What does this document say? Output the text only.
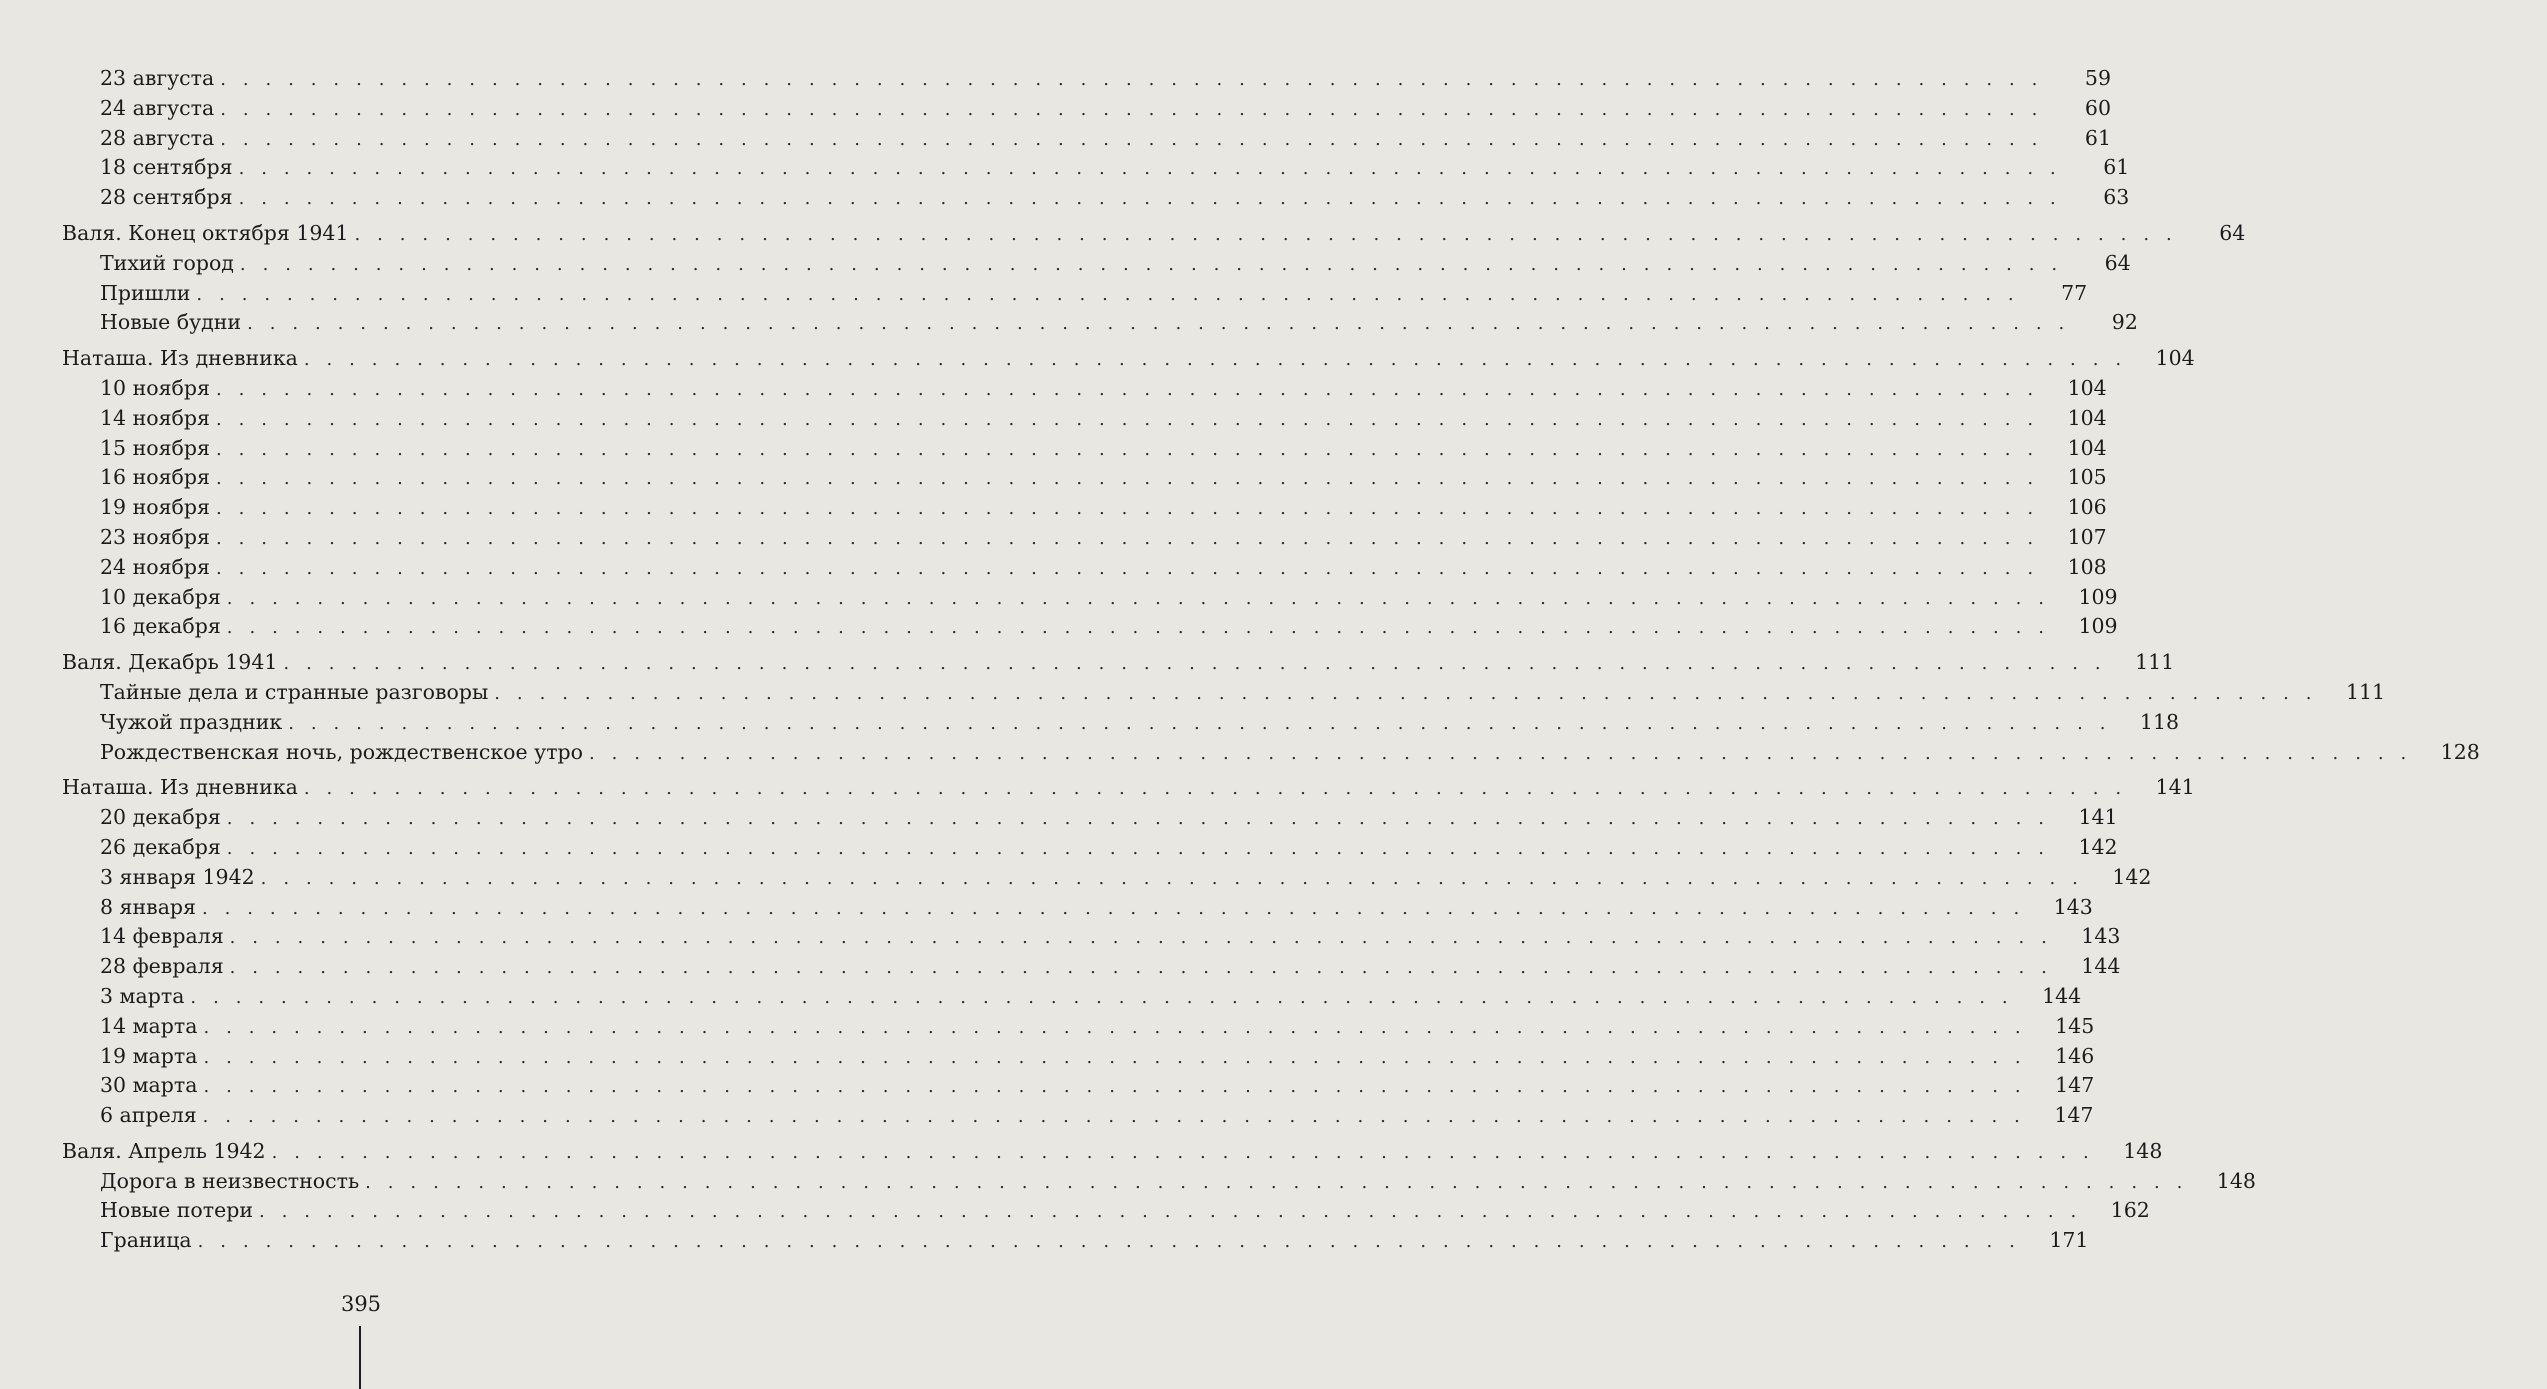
23 августа . . . . . . . . . . . . . . . . . . . . . . . . . . . . . . . . . . . . . . . . . . . . . . . . . . . . . . . . . . . . . . . . . . . . . . . . . . . . . . . . .	59
24 августа . . . . . . . . . . . . . . . . . . . . . . . . . . . . . . . . . . . . . . . . . . . . . . . . . . . . . . . . . . . . . . . . . . . . . . . . . . . . . . . . .	60
28 августа . . . . . . . . . . . . . . . . . . . . . . . . . . . . . . . . . . . . . . . . . . . . . . . . . . . . . . . . . . . . . . . . . . . . . . . . . . . . . . . . .	61
18 сентября . . . . . . . . . . . . . . . . . . . . . . . . . . . . . . . . . . . . . . . . . . . . . . . . . . . . . . . . . . . . . . . . . . . . . . . . . . . . . . . . .	61
28 сентября . . . . . . . . . . . . . . . . . . . . . . . . . . . . . . . . . . . . . . . . . . . . . . . . . . . . . . . . . . . . . . . . . . . . . . . . . . . . . . . . .	63
Валя. Конец октября 1941 . . . . . . . . . . . . . . . . . . . . . . . . . . . . . . . . . . . . . . . . . . . . . . . . . . . . . . . . . . . . . . . . . . . . . . . . . . . . . . . . .	64
Тихий город . . . . . . . . . . . . . . . . . . . . . . . . . . . . . . . . . . . . . . . . . . . . . . . . . . . . . . . . . . . . . . . . . . . . . . . . . . . . . . . . .	64
Пришли . . . . . . . . . . . . . . . . . . . . . . . . . . . . . . . . . . . . . . . . . . . . . . . . . . . . . . . . . . . . . . . . . . . . . . . . . . . . . . . . .	77
Новые будни . . . . . . . . . . . . . . . . . . . . . . . . . . . . . . . . . . . . . . . . . . . . . . . . . . . . . . . . . . . . . . . . . . . . . . . . . . . . . . . . .	92
Наташа. Из дневника . . . . . . . . . . . . . . . . . . . . . . . . . . . . . . . . . . . . . . . . . . . . . . . . . . . . . . . . . . . . . . . . . . . . . . . . . . . . . . . . .	104
10 ноября . . . . . . . . . . . . . . . . . . . . . . . . . . . . . . . . . . . . . . . . . . . . . . . . . . . . . . . . . . . . . . . . . . . . . . . . . . . . . . . . .	104
14 ноября . . . . . . . . . . . . . . . . . . . . . . . . . . . . . . . . . . . . . . . . . . . . . . . . . . . . . . . . . . . . . . . . . . . . . . . . . . . . . . . . .	104
15 ноября . . . . . . . . . . . . . . . . . . . . . . . . . . . . . . . . . . . . . . . . . . . . . . . . . . . . . . . . . . . . . . . . . . . . . . . . . . . . . . . . .	104
16 ноября . . . . . . . . . . . . . . . . . . . . . . . . . . . . . . . . . . . . . . . . . . . . . . . . . . . . . . . . . . . . . . . . . . . . . . . . . . . . . . . . .	105
19 ноября . . . . . . . . . . . . . . . . . . . . . . . . . . . . . . . . . . . . . . . . . . . . . . . . . . . . . . . . . . . . . . . . . . . . . . . . . . . . . . . . .	106
23 ноября . . . . . . . . . . . . . . . . . . . . . . . . . . . . . . . . . . . . . . . . . . . . . . . . . . . . . . . . . . . . . . . . . . . . . . . . . . . . . . . . .	107
24 ноября . . . . . . . . . . . . . . . . . . . . . . . . . . . . . . . . . . . . . . . . . . . . . . . . . . . . . . . . . . . . . . . . . . . . . . . . . . . . . . . . .	108
10 декабря . . . . . . . . . . . . . . . . . . . . . . . . . . . . . . . . . . . . . . . . . . . . . . . . . . . . . . . . . . . . . . . . . . . . . . . . . . . . . . . . .	109
16 декабря . . . . . . . . . . . . . . . . . . . . . . . . . . . . . . . . . . . . . . . . . . . . . . . . . . . . . . . . . . . . . . . . . . . . . . . . . . . . . . . . .	109
Валя. Декабрь 1941 . . . . . . . . . . . . . . . . . . . . . . . . . . . . . . . . . . . . . . . . . . . . . . . . . . . . . . . . . . . . . . . . . . . . . . . . . . . . . . . . .	111
Тайные дела и странные разговоры . . . . . . . . . . . . . . . . . . . . . . . . . . . . . . . . . . . . . . . . . . . . . . . . . . . . . . . . . . . . . . . . . . . . . . . . . . . . . . . . .	111
Чужой праздник . . . . . . . . . . . . . . . . . . . . . . . . . . . . . . . . . . . . . . . . . . . . . . . . . . . . . . . . . . . . . . . . . . . . . . . . . . . . . . . . .	118
Рождественская ночь, рождественское утро . . . . . . . . . . . . . . . . . . . . . . . . . . . . . . . . . . . . . . . . . . . . . . . . . . . . . . . . . . . . . . . . . . . . . . . . . . . . . . . . .	128
Наташа. Из дневника . . . . . . . . . . . . . . . . . . . . . . . . . . . . . . . . . . . . . . . . . . . . . . . . . . . . . . . . . . . . . . . . . . . . . . . . . . . . . . . . .	141
20 декабря . . . . . . . . . . . . . . . . . . . . . . . . . . . . . . . . . . . . . . . . . . . . . . . . . . . . . . . . . . . . . . . . . . . . . . . . . . . . . . . . .	141
26 декабря . . . . . . . . . . . . . . . . . . . . . . . . . . . . . . . . . . . . . . . . . . . . . . . . . . . . . . . . . . . . . . . . . . . . . . . . . . . . . . . . .	142
3 января 1942 . . . . . . . . . . . . . . . . . . . . . . . . . . . . . . . . . . . . . . . . . . . . . . . . . . . . . . . . . . . . . . . . . . . . . . . . . . . . . . . . .	142
8 января . . . . . . . . . . . . . . . . . . . . . . . . . . . . . . . . . . . . . . . . . . . . . . . . . . . . . . . . . . . . . . . . . . . . . . . . . . . . . . . . .	143
14 февраля . . . . . . . . . . . . . . . . . . . . . . . . . . . . . . . . . . . . . . . . . . . . . . . . . . . . . . . . . . . . . . . . . . . . . . . . . . . . . . . . .	143
28 февраля . . . . . . . . . . . . . . . . . . . . . . . . . . . . . . . . . . . . . . . . . . . . . . . . . . . . . . . . . . . . . . . . . . . . . . . . . . . . . . . . .	144
3 марта . . . . . . . . . . . . . . . . . . . . . . . . . . . . . . . . . . . . . . . . . . . . . . . . . . . . . . . . . . . . . . . . . . . . . . . . . . . . . . . . .	144
14 марта . . . . . . . . . . . . . . . . . . . . . . . . . . . . . . . . . . . . . . . . . . . . . . . . . . . . . . . . . . . . . . . . . . . . . . . . . . . . . . . . .	145
19 марта . . . . . . . . . . . . . . . . . . . . . . . . . . . . . . . . . . . . . . . . . . . . . . . . . . . . . . . . . . . . . . . . . . . . . . . . . . . . . . . . .	146
30 марта . . . . . . . . . . . . . . . . . . . . . . . . . . . . . . . . . . . . . . . . . . . . . . . . . . . . . . . . . . . . . . . . . . . . . . . . . . . . . . . . .	147
6 апреля . . . . . . . . . . . . . . . . . . . . . . . . . . . . . . . . . . . . . . . . . . . . . . . . . . . . . . . . . . . . . . . . . . . . . . . . . . . . . . . . .	147
Валя. Апрель 1942 . . . . . . . . . . . . . . . . . . . . . . . . . . . . . . . . . . . . . . . . . . . . . . . . . . . . . . . . . . . . . . . . . . . . . . . . . . . . . . . . .	148
Дорога в неизвестность . . . . . . . . . . . . . . . . . . . . . . . . . . . . . . . . . . . . . . . . . . . . . . . . . . . . . . . . . . . . . . . . . . . . . . . . . . . . . . . . .	148
Новые потери . . . . . . . . . . . . . . . . . . . . . . . . . . . . . . . . . . . . . . . . . . . . . . . . . . . . . . . . . . . . . . . . . . . . . . . . . . . . . . . . .	162
Граница . . . . . . . . . . . . . . . . . . . . . . . . . . . . . . . . . . . . . . . . . . . . . . . . . . . . . . . . . . . . . . . . . . . . . . . . . . . . . . . . .	171
395
